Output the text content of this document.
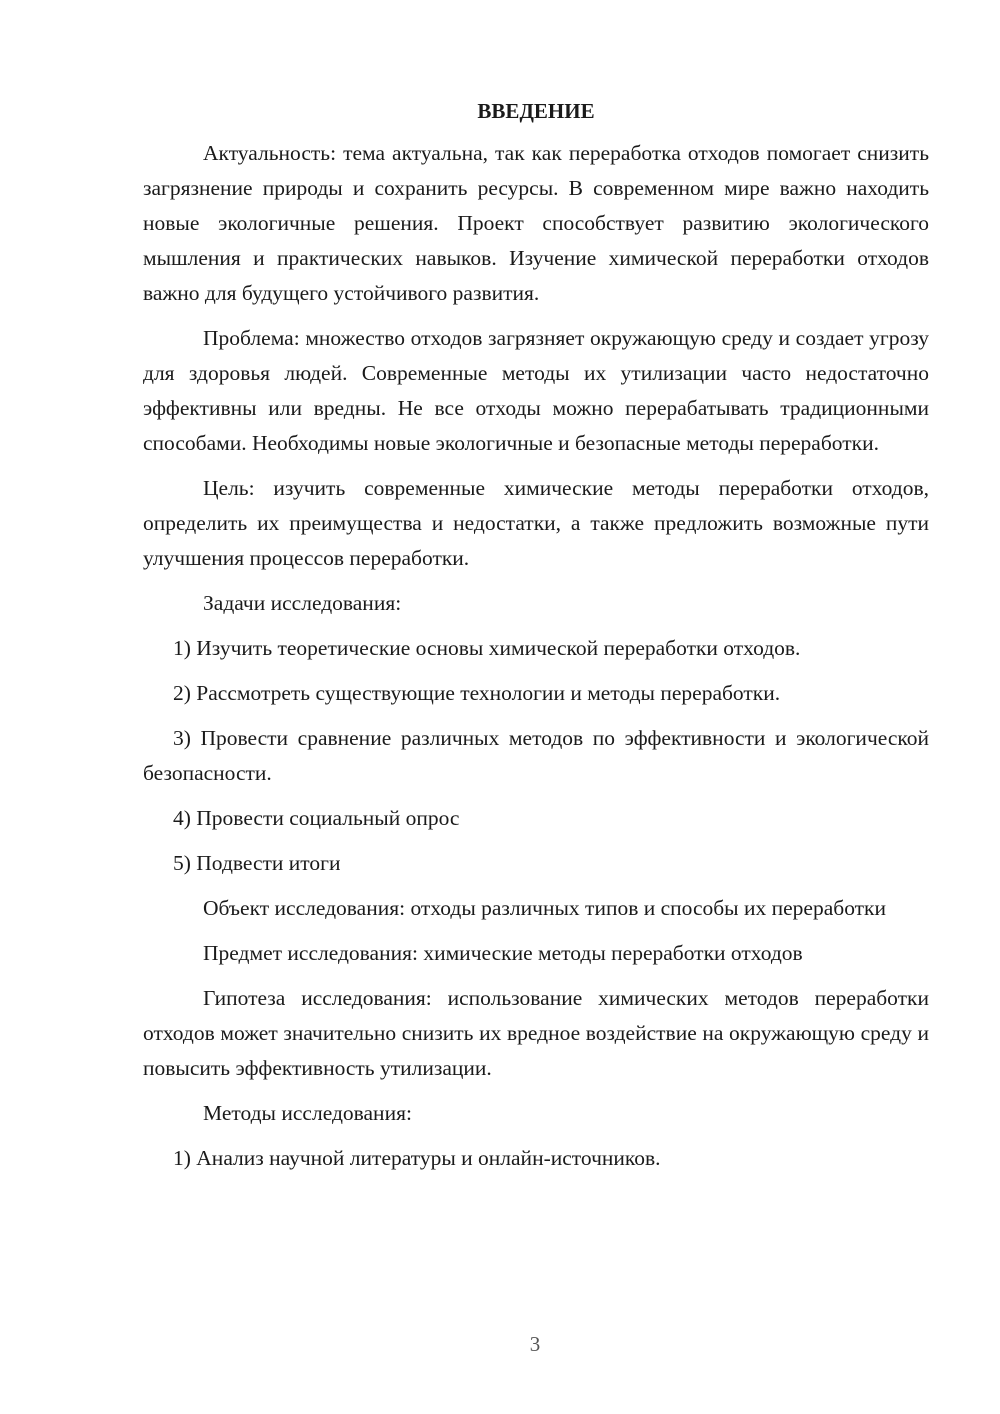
ВВЕДЕНИЕ

Актуальность: тема актуальна, так как переработка отходов помогает снизить загрязнение природы и сохранить ресурсы. В современном мире важно находить новые экологичные решения. Проект способствует развитию экологического мышления и практических навыков. Изучение химической переработки отходов важно для будущего устойчивого развития.

Проблема: множество отходов загрязняет окружающую среду и создает угрозу для здоровья людей. Современные методы их утилизации часто недостаточно эффективны или вредны. Не все отходы можно перерабатывать традиционными способами. Необходимы новые экологичные и безопасные методы переработки.

Цель: изучить современные химические методы переработки отходов, определить их преимущества и недостатки, а также предложить возможные пути улучшения процессов переработки.

Задачи исследования:

1) Изучить теоретические основы химической переработки отходов.

2) Рассмотреть существующие технологии и методы переработки.

3) Провести сравнение различных методов по эффективности и экологической безопасности.

4) Провести социальный опрос

5) Подвести итоги

Объект исследования: отходы различных типов и способы их переработки

Предмет исследования: химические методы переработки отходов

Гипотеза исследования: использование химических методов переработки отходов может значительно снизить их вредное воздействие на окружающую среду и повысить эффективность утилизации.

Методы исследования:

1) Анализ научной литературы и онлайн-источников.

3
